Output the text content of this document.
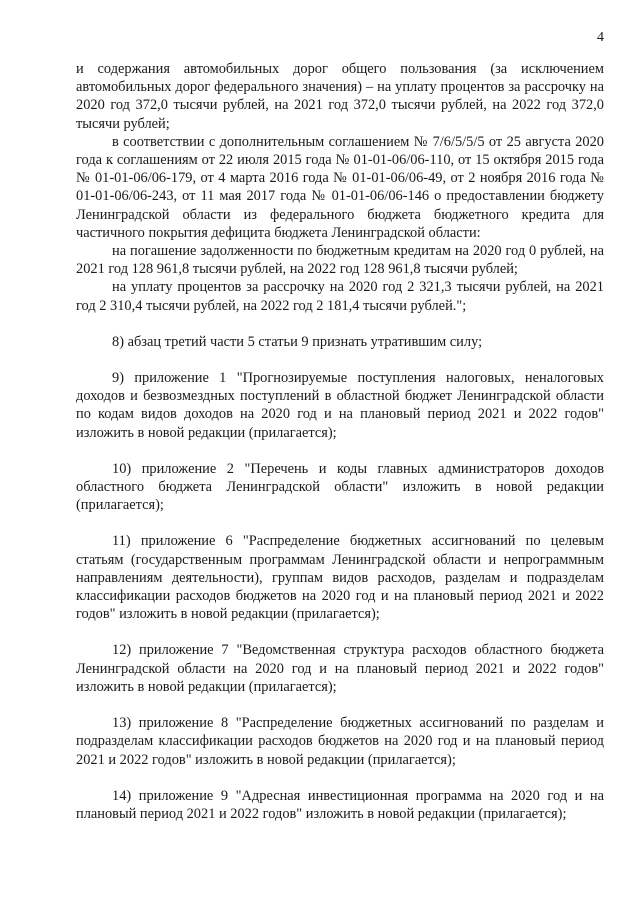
4

и содержания автомобильных дорог общего пользования (за исключением автомобильных дорог федерального значения) – на уплату процентов за рассрочку на 2020 год 372,0 тысячи рублей, на 2021 год 372,0 тысячи рублей, на 2022 год 372,0 тысячи рублей;

в соответствии с дополнительным соглашением № 7/6/5/5/5 от 25 августа 2020 года к соглашениям от 22 июля 2015 года № 01-01-06/06-110, от 15 октября 2015 года № 01-01-06/06-179, от 4 марта 2016 года № 01-01-06/06-49, от 2 ноября 2016 года № 01-01-06/06-243, от 11 мая 2017 года № 01-01-06/06-146 о предоставлении бюджету Ленинградской области из федерального бюджета бюджетного кредита для частичного покрытия дефицита бюджета Ленинградской области:

на погашение задолженности по бюджетным кредитам на 2020 год 0 рублей, на 2021 год 128 961,8 тысячи рублей, на 2022 год 128 961,8 тысячи рублей;

на уплату процентов за рассрочку на 2020 год 2 321,3 тысячи рублей, на 2021 год 2 310,4 тысячи рублей, на 2022 год 2 181,4 тысячи рублей.";

8) абзац третий части 5 статьи 9 признать утратившим силу;

9) приложение 1 "Прогнозируемые поступления налоговых, неналоговых доходов и безвозмездных поступлений в областной бюджет Ленинградской области по кодам видов доходов на 2020 год и на плановый период 2021 и 2022 годов" изложить в новой редакции (прилагается);

10) приложение 2 "Перечень и коды главных администраторов доходов областного бюджета Ленинградской области" изложить в новой редакции (прилагается);

11) приложение 6 "Распределение бюджетных ассигнований по целевым статьям (государственным программам Ленинградской области и непрограммным направлениям деятельности), группам видов расходов, разделам и подразделам классификации расходов бюджетов на 2020 год и на плановый период 2021 и 2022 годов" изложить в новой редакции (прилагается);

12) приложение 7 "Ведомственная структура расходов областного бюджета Ленинградской области на 2020 год и на плановый период 2021 и 2022 годов" изложить в новой редакции (прилагается);

13) приложение 8 "Распределение бюджетных ассигнований по разделам и подразделам классификации расходов бюджетов на 2020 год и на плановый период 2021 и 2022 годов" изложить в новой редакции (прилагается);

14) приложение 9 "Адресная инвестиционная программа на 2020 год и на плановый период 2021 и 2022 годов" изложить в новой редакции (прилагается);
